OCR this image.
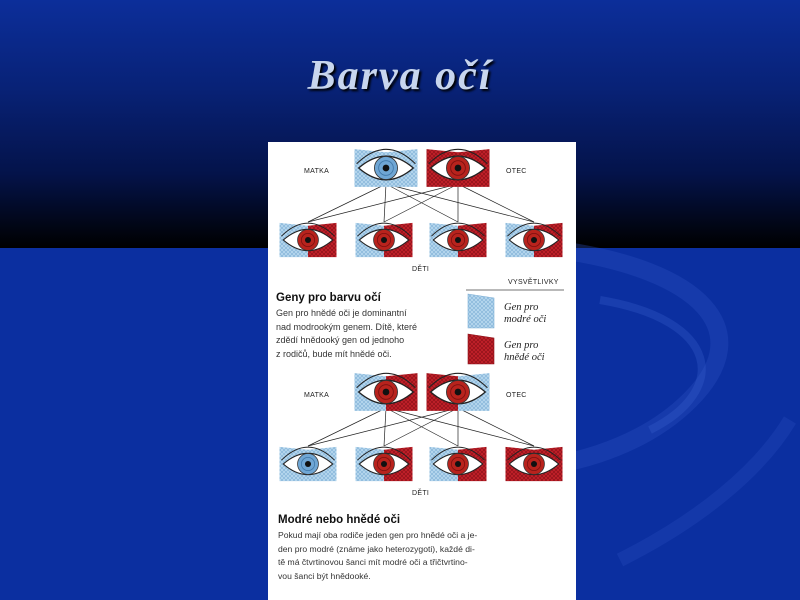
Barva očí
MATKA	OTEC
DĚTI
VYSVĚTLIVKY
Gen pro
modré oči
Gen pro
hnědé oči
Geny pro barvu očí
Gen pro hnědé oči je dominantní
nad modrookým genem. Dítě, které
zdědí hnědooký gen od jednoho
z rodičů, bude mít hnědé oči.
MATKA	OTEC
DĚTI
Modré nebo hnědé oči
Pokud mají oba rodiče jeden gen pro hnědé oči a je-
den pro modré (známe jako heterozygoti), každé di-
tě má čtvrtinovou šanci mít modré oči a třičtvrtino-
vou šanci být hnědooké.
